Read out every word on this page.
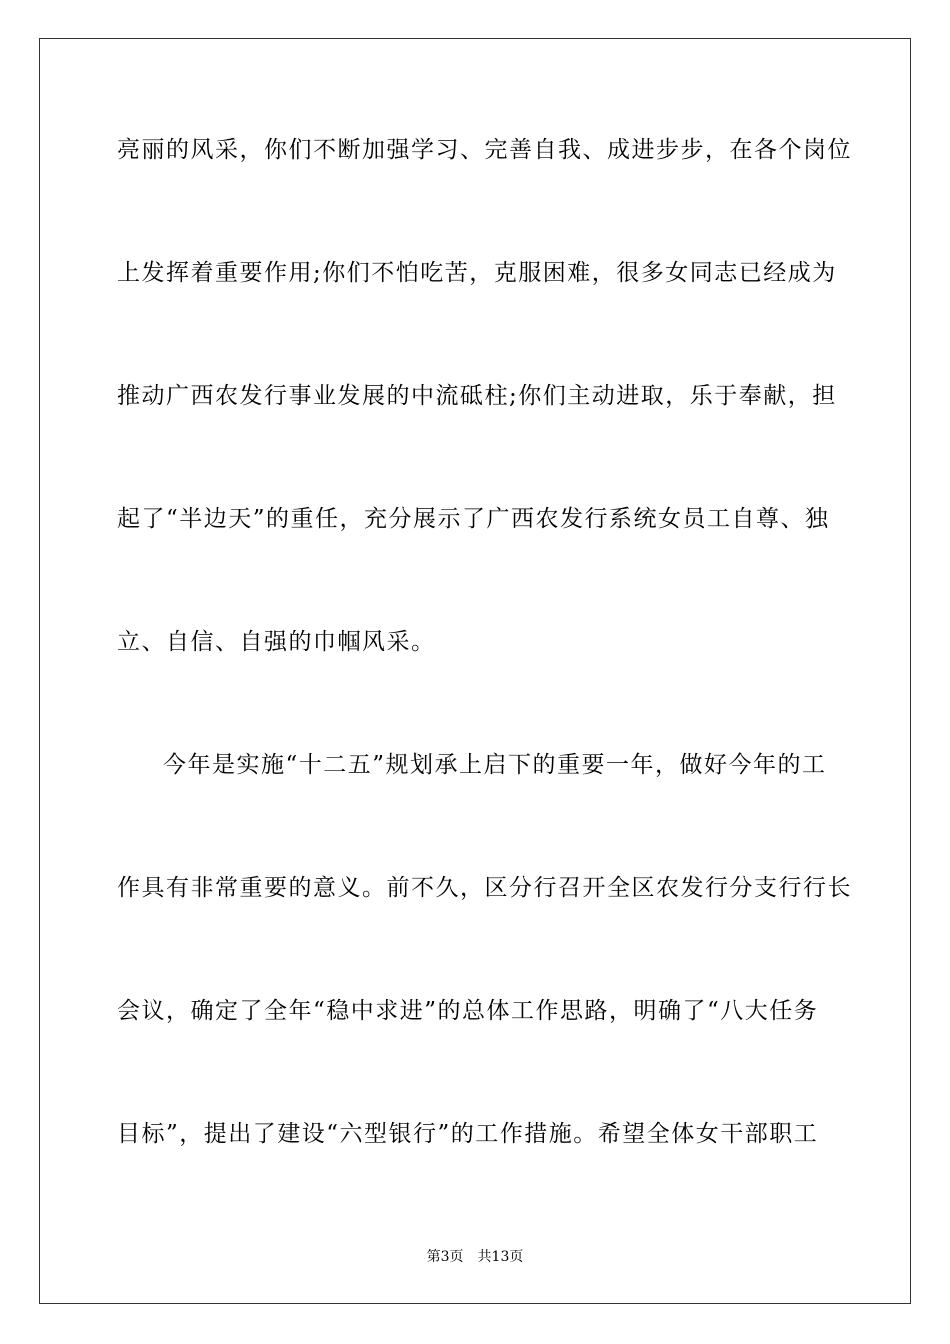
亮丽的风采，你们不断加强学习、完善自我、成进步步，在各个岗位
上发挥着重要作用;你们不怕吃苦，克服困难，很多女同志已经成为
推动广西农发行事业发展的中流砥柱;你们主动进取，乐于奉献，担
起了“半边天”的重任，充分展示了广西农发行系统女员工自尊、独
立、自信、自强的巾帼风采。
今年是实施“十二五”规划承上启下的重要一年，做好今年的工
作具有非常重要的意义。前不久，区分行召开全区农发行分支行行长
会议，确定了全年“稳中求进”的总体工作思路，明确了“八大任务
目标”，提出了建设“六型银行”的工作措施。希望全体女干部职工
第3页　共13页
